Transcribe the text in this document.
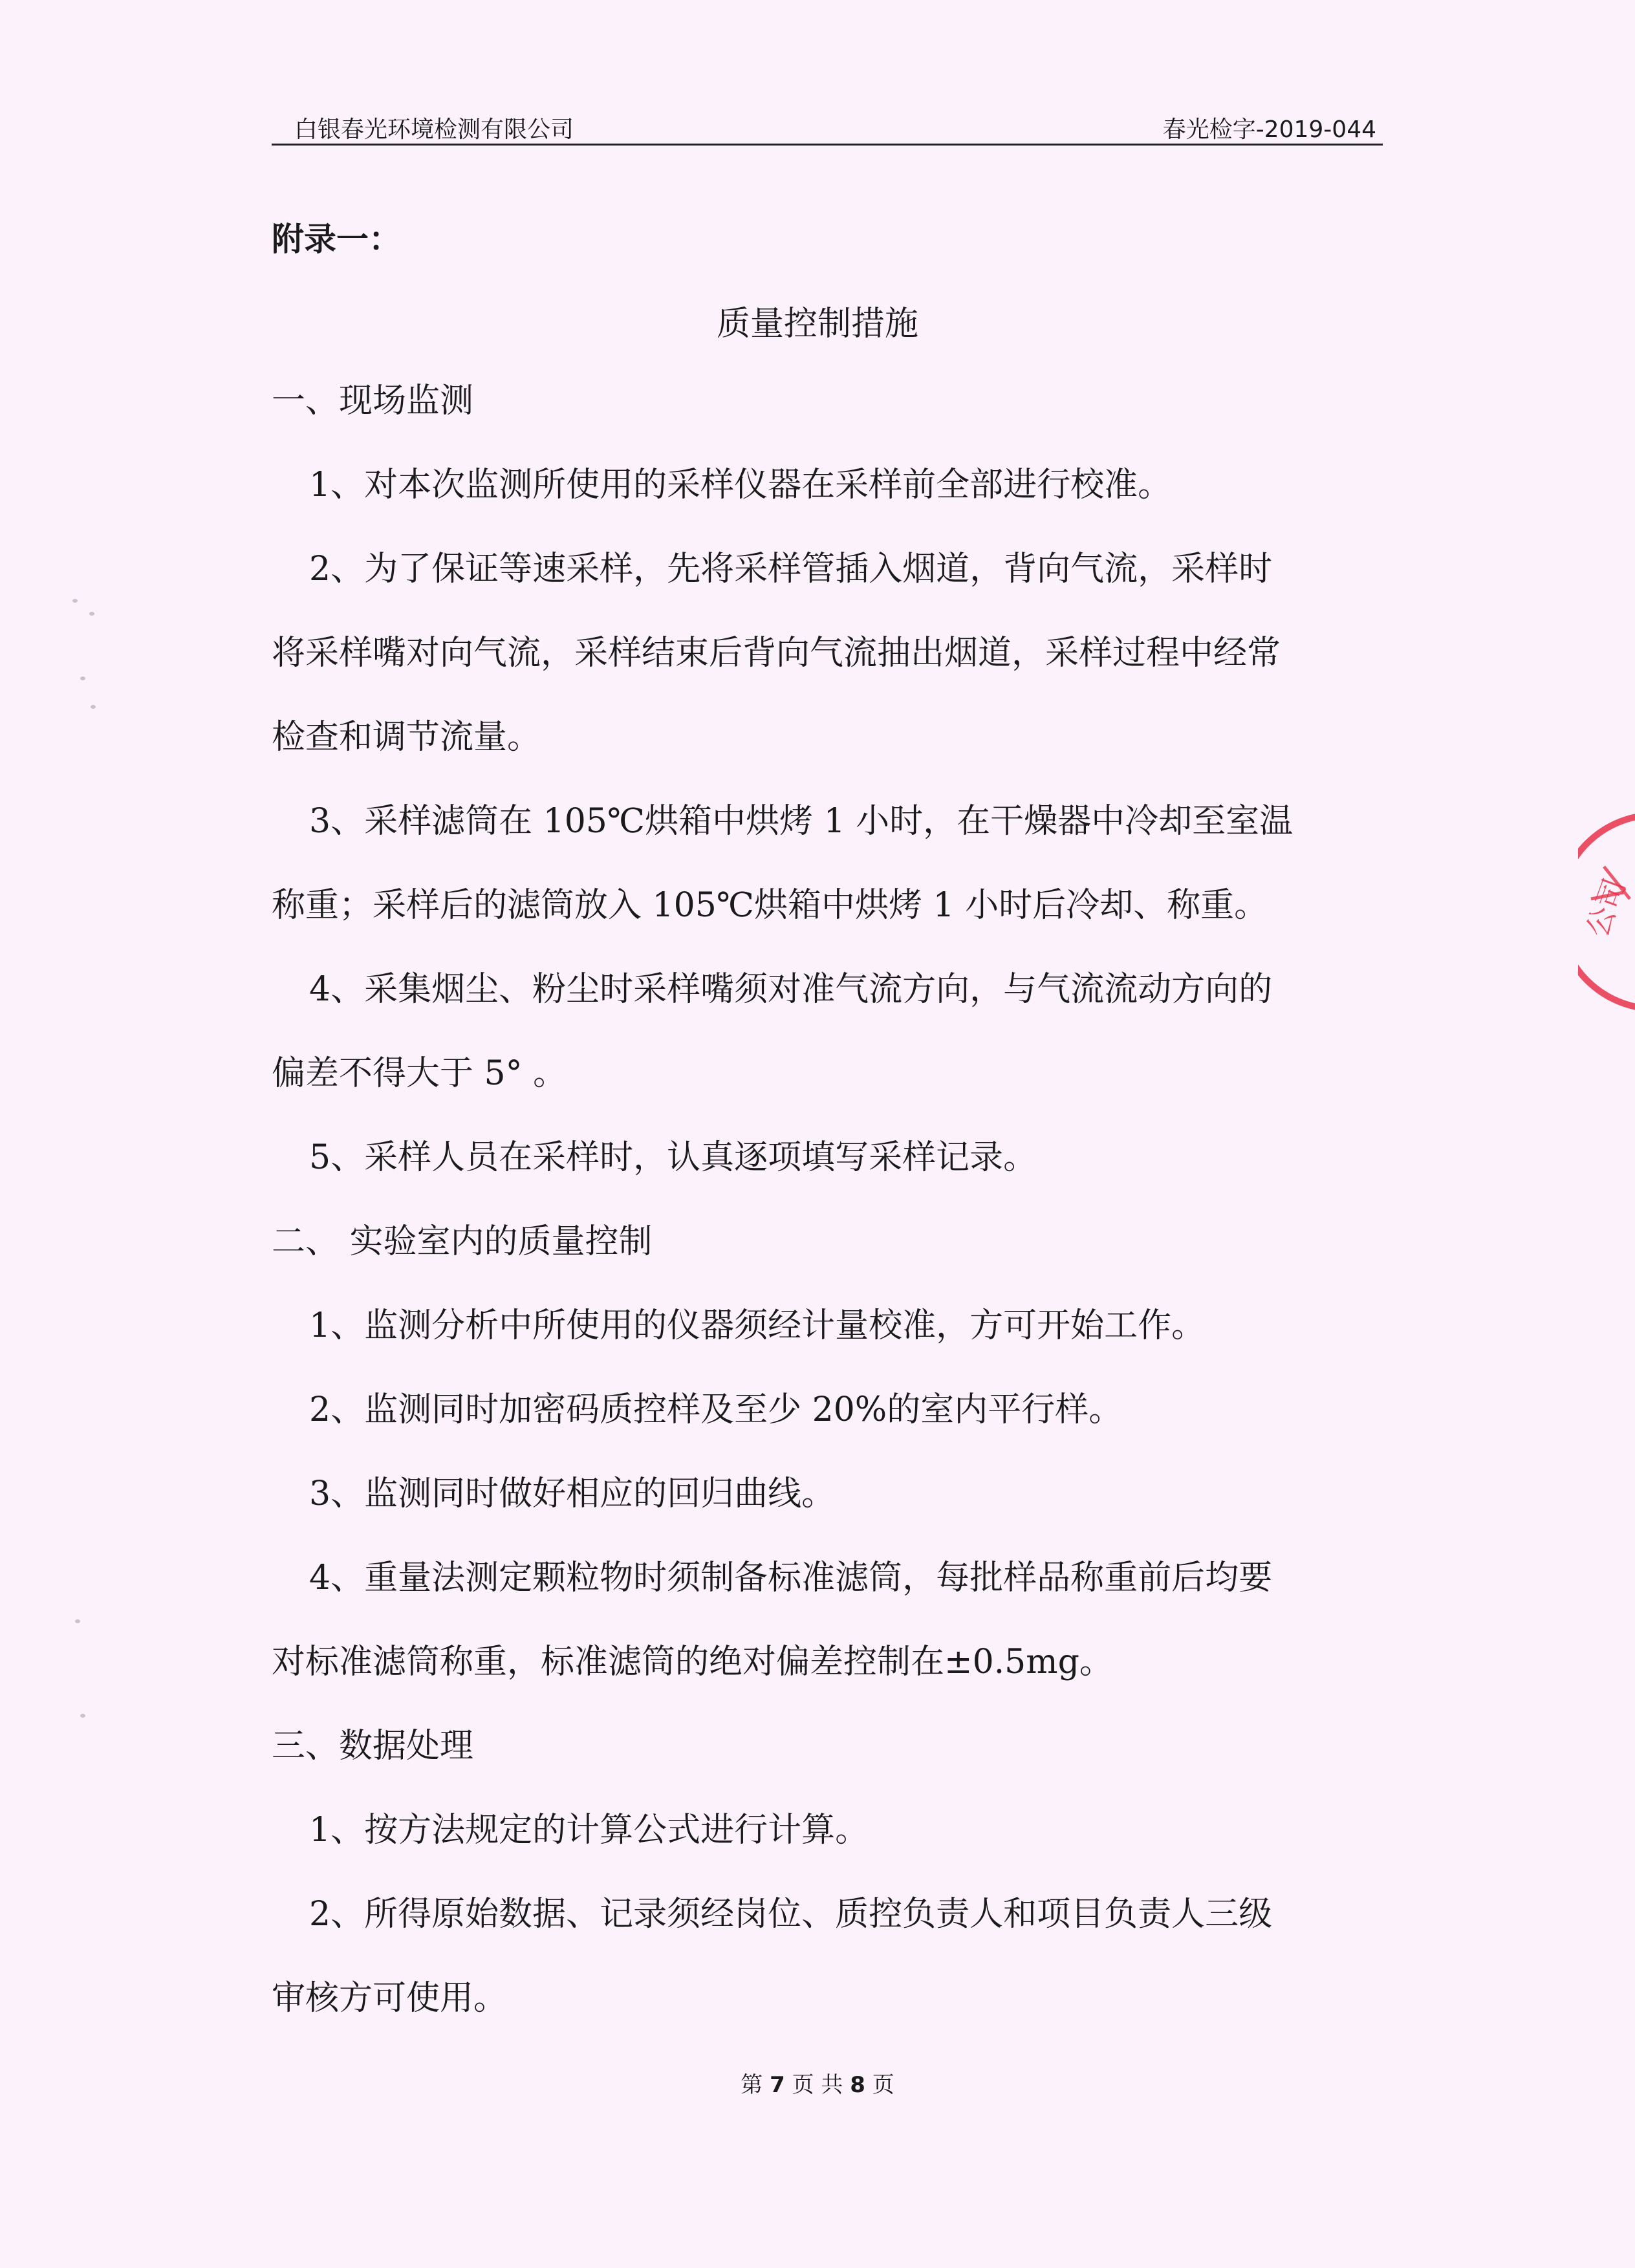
白银春光环境检测有限公司	春光检字-2019-044
附录一：
质量控制措施
一、现场监测
1、对本次监测所使用的采样仪器在采样前全部进行校准。
2、为了保证等速采样，先将采样管插入烟道，背向气流，采样时
将采样嘴对向气流，采样结束后背向气流抽出烟道，采样过程中经常
检查和调节流量。
3、采样滤筒在 105℃烘箱中烘烤 1 小时，在干燥器中冷却至室温
称重；采样后的滤筒放入 105℃烘箱中烘烤 1 小时后冷却、称重。
4、采集烟尘、粉尘时采样嘴须对准气流方向，与气流流动方向的
偏差不得大于 5° 。
5、采样人员在采样时，认真逐项填写采样记录。
二、 实验室内的质量控制
1、监测分析中所使用的仪器须经计量校准，方可开始工作。
2、监测同时加密码质控样及至少 20%的室内平行样。
3、监测同时做好相应的回归曲线。
4、重量法测定颗粒物时须制备标准滤筒，每批样品称重前后均要
对标准滤筒称重，标准滤筒的绝对偏差控制在±0.5mg。
三、数据处理
1、按方法规定的计算公式进行计算。
2、所得原始数据、记录须经岗位、质控负责人和项目负责人三级
审核方可使用。
第 7 页 共 8 页
公司
